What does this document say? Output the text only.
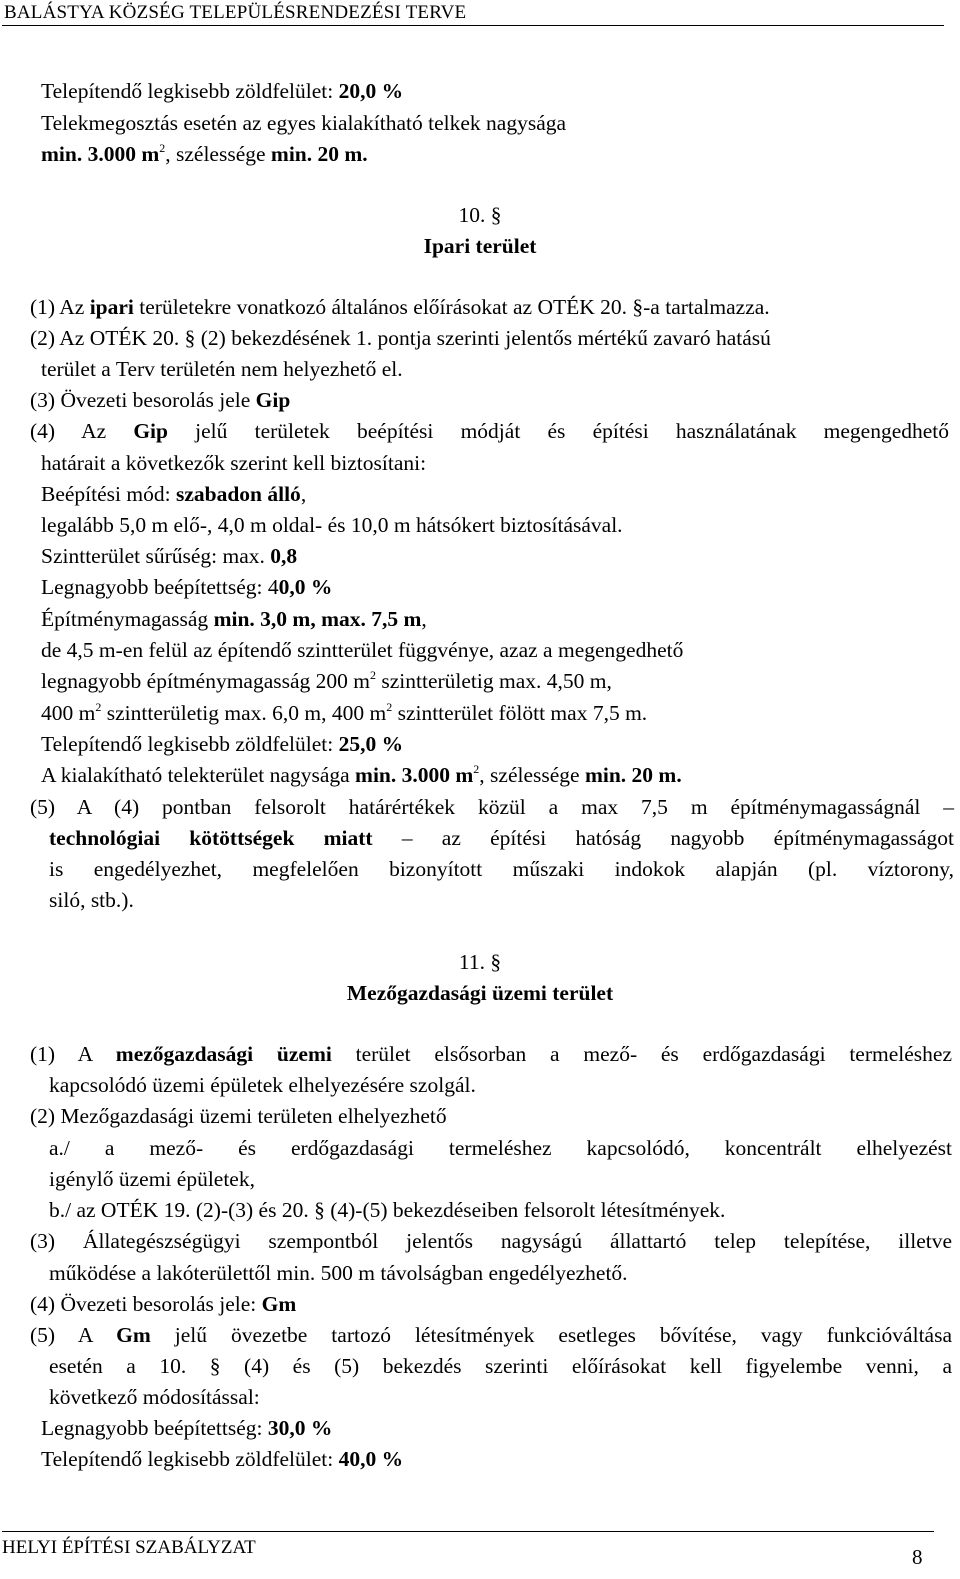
BALÁSTYA KÖZSÉG TELEPÜLÉSRENDEZÉSI TERVE
Telepítendő legkisebb zöldfelület: 20,0 %
Telekmegosztás esetén az egyes kialakítható telkek nagysága
min. 3.000 $m^2$, szélessége min. 20 m.
10. §
Ipari terület
(1) Az ipari területekre vonatkozó általános előírásokat az OTÉK 20. §-a tartalmazza.
(2) Az OTÉK 20. § (2) bekezdésének 1. pontja szerinti jelentős mértékű zavaró hatású
terület a Terv területén nem helyezhető el.
(3) Övezeti besorolás jele Gip
(4) Az Gip jelű területek beépítési módját és építési használatának megengedhető
határait a következők szerint kell biztosítani:
Beépítési mód: szabadon álló,
legalább 5,0 m elő-, 4,0 m oldal- és 10,0 m hátsókert biztosításával.
Szintterület sűrűség: max. 0,8
Legnagyobb beépítettség: 40,0 %
Építménymagasság min. 3,0 m, max. 7,5 m,
de 4,5 m-en felül az építendő szintterület függvénye, azaz a megengedhető
legnagyobb építménymagasság 200 $m^2$ szintterületig max. 4,50 m,
400 $m^2$ szintterületig max. 6,0 m, 400 $m^2$ szintterület fölött max 7,5 m.
Telepítendő legkisebb zöldfelület: 25,0 %
A kialakítható telekterület nagysága min. 3.000 $m^2$, szélessége min. 20 m.
(5) A (4) pontban felsorolt határértékek közül a max 7,5 m építménymagasságnál –
technológiai kötöttségek miatt – az építési hatóság nagyobb építménymagasságot
is engedélyezhet, megfelelően bizonyított műszaki indokok alapján (pl. víztorony,
siló, stb.).
11. §
Mezőgazdasági üzemi terület
(1) A mezőgazdasági üzemi terület elsősorban a mező- és erdőgazdasági termeléshez
kapcsolódó üzemi épületek elhelyezésére szolgál.
(2) Mezőgazdasági üzemi területen elhelyezhető
a./ a mező- és erdőgazdasági termeléshez kapcsolódó, koncentrált elhelyezést
igénylő üzemi épületek,
b./ az OTÉK 19. (2)-(3) és 20. § (4)-(5) bekezdéseiben felsorolt létesítmények.
(3) Állategészségügyi szempontból jelentős nagyságú állattartó telep telepítése, illetve
működése a lakóterülettől min. 500 m távolságban engedélyezhető.
(4) Övezeti besorolás jele: Gm
(5) A Gm jelű övezetbe tartozó létesítmények esetleges bővítése, vagy funkcióváltása
esetén a 10. § (4) és (5) bekezdés szerinti előírásokat kell figyelembe venni, a
következő módosítással:
Legnagyobb beépítettség: 30,0 %
Telepítendő legkisebb zöldfelület: 40,0 %
HELYI ÉPÍTÉSI SZABÁLYZAT	8
